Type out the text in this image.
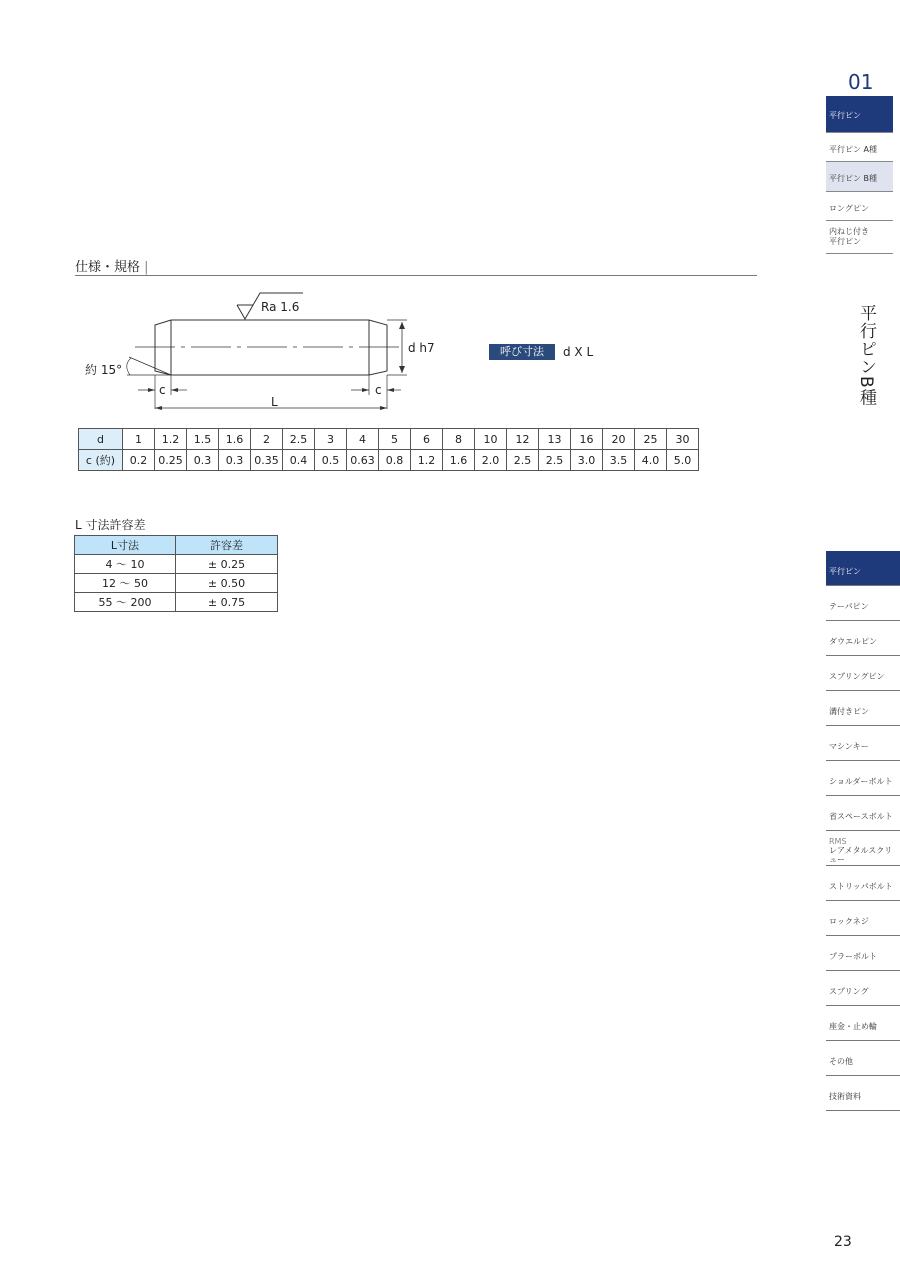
仕様・規格 |
Ra 1.6
d h7
約 15°
c	c
L
呼び寸法	d X L
d	1	1.2	1.5	1.6	2	2.5	3	4	5	6	8	10	12	13	16	20	25	30
c (約)	0.2	0.25	0.3	0.3	0.35	0.4	0.5	0.63	0.8	1.2	1.6	2.0	2.5	2.5	3.0	3.5	4.0	5.0
L 寸法許容差
L寸法	許容差
4 ～ 10	± 0.25
12 ～ 50	± 0.50
55 ～ 200	± 0.75
01
平行ピン
平行ピン A種
平行ピン B種
ロングピン
内ねじ付き
平行ピン
平行ピンB種
平行ピン
テーパピン
ダウエルピン
スプリングピン
溝付きピン
マシンキー
ショルダーボルト
省スペースボルト
RMS
レアメタルスクリュー
ストリッパボルト
ロックネジ
プラーボルト
スプリング
座金・止め輪
その他
技術資料
23
